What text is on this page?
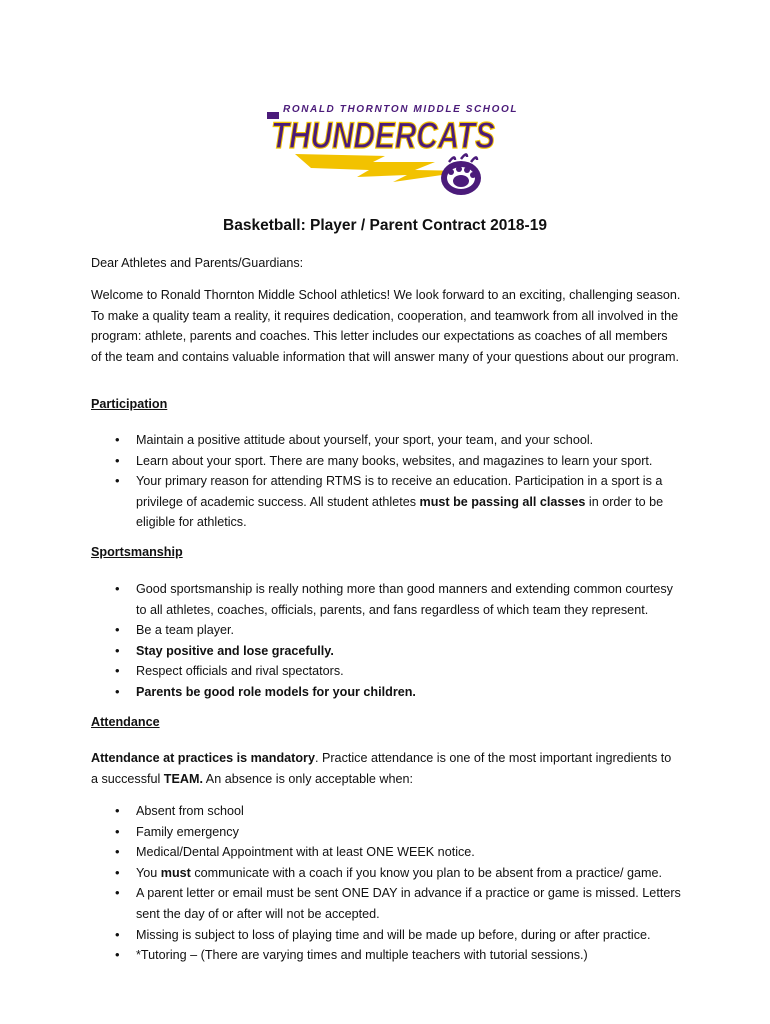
RONALD THORNTON MIDDLE SCHOOL
THUNDERCATS
Basketball: Player / Parent Contract 2018-19
Dear Athletes and Parents/Guardians:
Welcome to Ronald Thornton Middle School athletics! We look forward to an exciting, challenging season. To make a quality team a reality, it requires dedication, cooperation, and teamwork from all involved in the program: athlete, parents and coaches. This letter includes our expectations as coaches of all members of the team and contains valuable information that will answer many of your questions about our program.
Participation
• Maintain a positive attitude about yourself, your sport, your team, and your school.
• Learn about your sport. There are many books, websites, and magazines to learn your sport.
• Your primary reason for attending RTMS is to receive an education. Participation in a sport is a privilege of academic success. All student athletes must be passing all classes in order to be eligible for athletics.
Sportsmanship
• Good sportsmanship is really nothing more than good manners and extending common courtesy to all athletes, coaches, officials, parents, and fans regardless of which team they represent.
• Be a team player.
• Stay positive and lose gracefully.
• Respect officials and rival spectators.
• Parents be good role models for your children.
Attendance
Attendance at practices is mandatory. Practice attendance is one of the most important ingredients to a successful TEAM. An absence is only acceptable when:
• Absent from school
• Family emergency
• Medical/Dental Appointment with at least ONE WEEK notice.
• You must communicate with a coach if you know you plan to be absent from a practice/ game.
• A parent letter or email must be sent ONE DAY in advance if a practice or game is missed. Letters sent the day of or after will not be accepted.
• Missing is subject to loss of playing time and will be made up before, during or after practice.
• *Tutoring – (There are varying times and multiple teachers with tutorial sessions.)
